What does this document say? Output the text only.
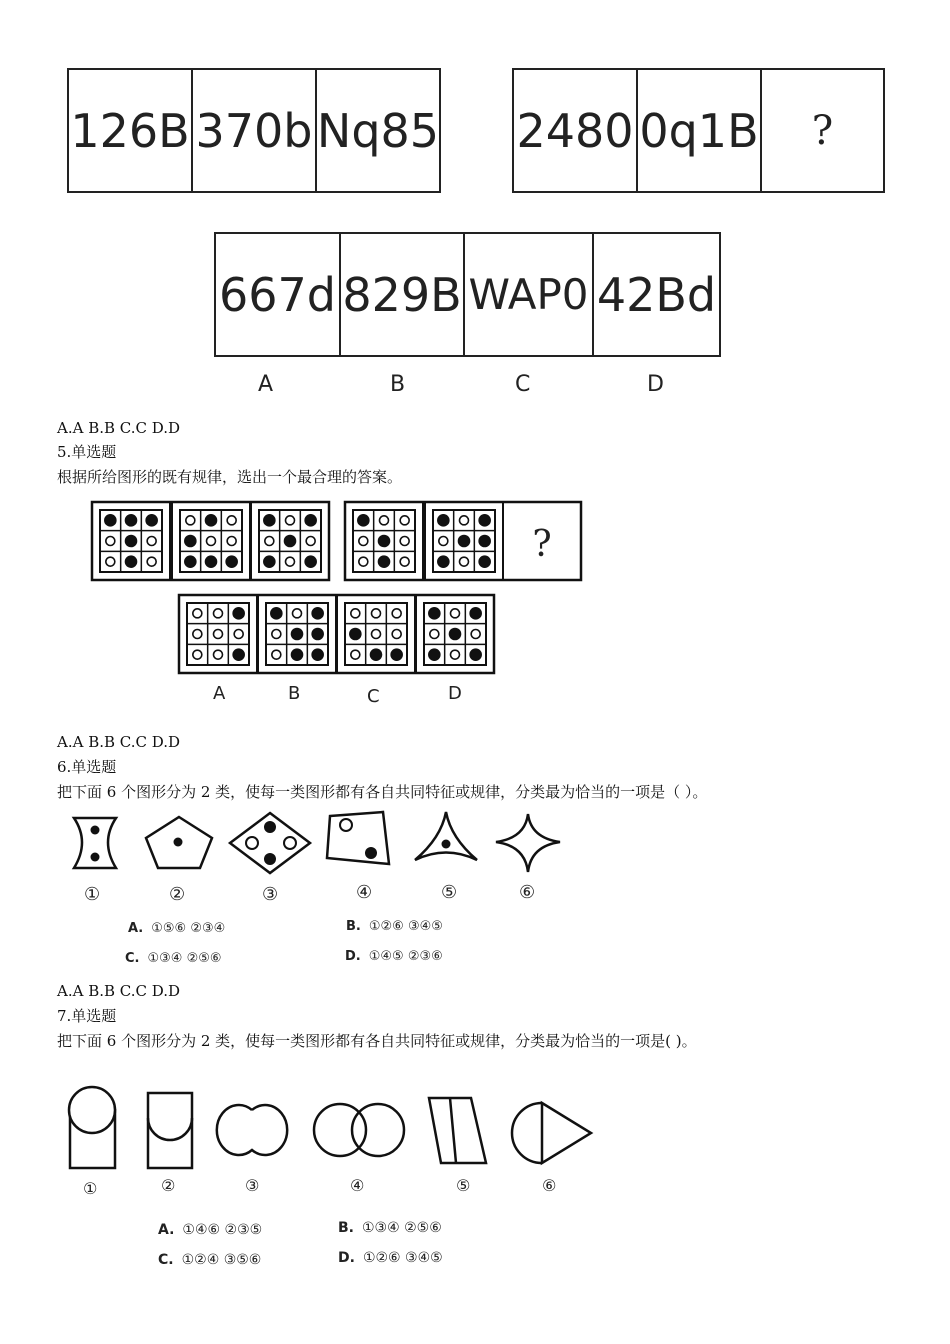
126B 370b Nq85 2480 0q1B	?
667d 829B WAP0 42Bd
A	B	C	D
A.A B.B C.C D.D
5.单选题
根据所给图形的既有规律，选出一个最合理的答案。
?
A	B	C	D
A.A B.B C.C D.D
6.单选题
把下面 6 个图形分为 2 类，使每一类图形都有各自共同特征或规律，分类最为恰当的一项是（ ）。
①	②	③	④	⑤	⑥
A. ①⑤⑥ ②③④	B. ①②⑥ ③④⑤
C. ①③④ ②⑤⑥	D. ①④⑤ ②③⑥
A.A B.B C.C D.D
7.单选题
把下面 6 个图形分为 2 类，使每一类图形都有各自共同特征或规律，分类最为恰当的一项是( )。
①	②	③	④	⑤	⑥
A. ①④⑥ ②③⑤	B. ①③④ ②⑤⑥
C. ①②④ ③⑤⑥	D. ①②⑥ ③④⑤
